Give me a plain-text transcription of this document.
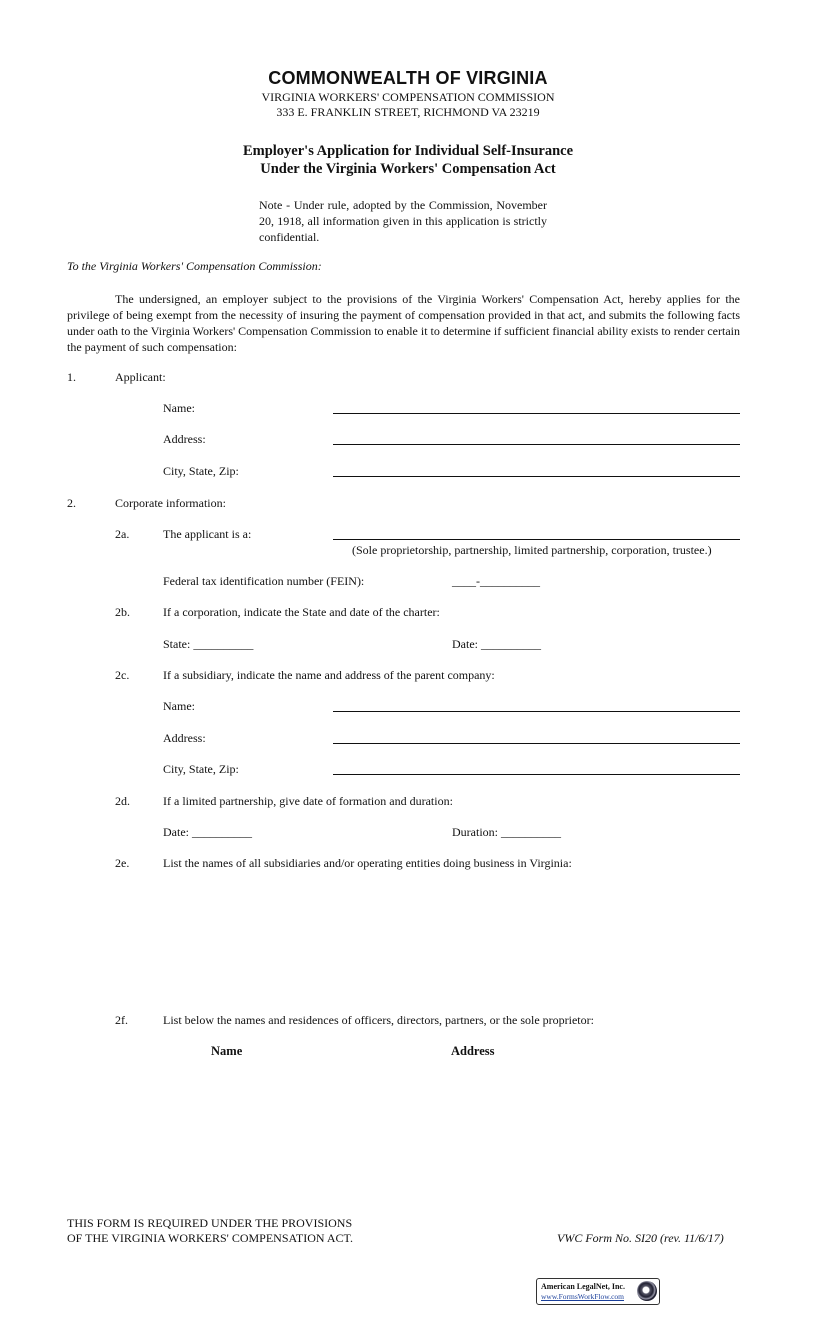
COMMONWEALTH OF VIRGINIA
VIRGINIA WORKERS' COMPENSATION COMMISSION
333 E. FRANKLIN STREET, RICHMOND VA 23219
Employer's Application for Individual Self-Insurance
Under the Virginia Workers' Compensation Act
Note - Under rule, adopted by the Commission, November 20, 1918, all information given in this application is strictly confidential.
To the Virginia Workers' Compensation Commission:
The undersigned, an employer subject to the provisions of the Virginia Workers' Compensation Act, hereby applies for the privilege of being exempt from the necessity of insuring the payment of compensation provided in that act, and submits the following facts under oath to the Virginia Workers' Compensation Commission to enable it to determine if sufficient financial ability exists to render certain the payment of such compensation:
1.	Applicant:
Name:
Address:
City, State, Zip:
2.	Corporate information:
2a.	The applicant is a:
(Sole proprietorship, partnership, limited partnership, corporation, trustee.)
Federal tax identification number (FEIN):	____-__________
2b.	If a corporation, indicate the State and date of the charter:
State: __________	Date: __________
2c.	If a subsidiary, indicate the name and address of the parent company:
Name:
Address:
City, State, Zip:
2d.	If a limited partnership, give date of formation and duration:
Date: __________	Duration: __________
2e.	List the names of all subsidiaries and/or operating entities doing business in Virginia:
2f.	List below the names and residences of officers, directors, partners, or the sole proprietor:
Name	Address
THIS FORM IS REQUIRED UNDER THE PROVISIONS
OF THE VIRGINIA WORKERS' COMPENSATION ACT.	VWC Form No. SI20 (rev. 11/6/17)
American LegalNet, Inc.
www.FormsWorkFlow.com
